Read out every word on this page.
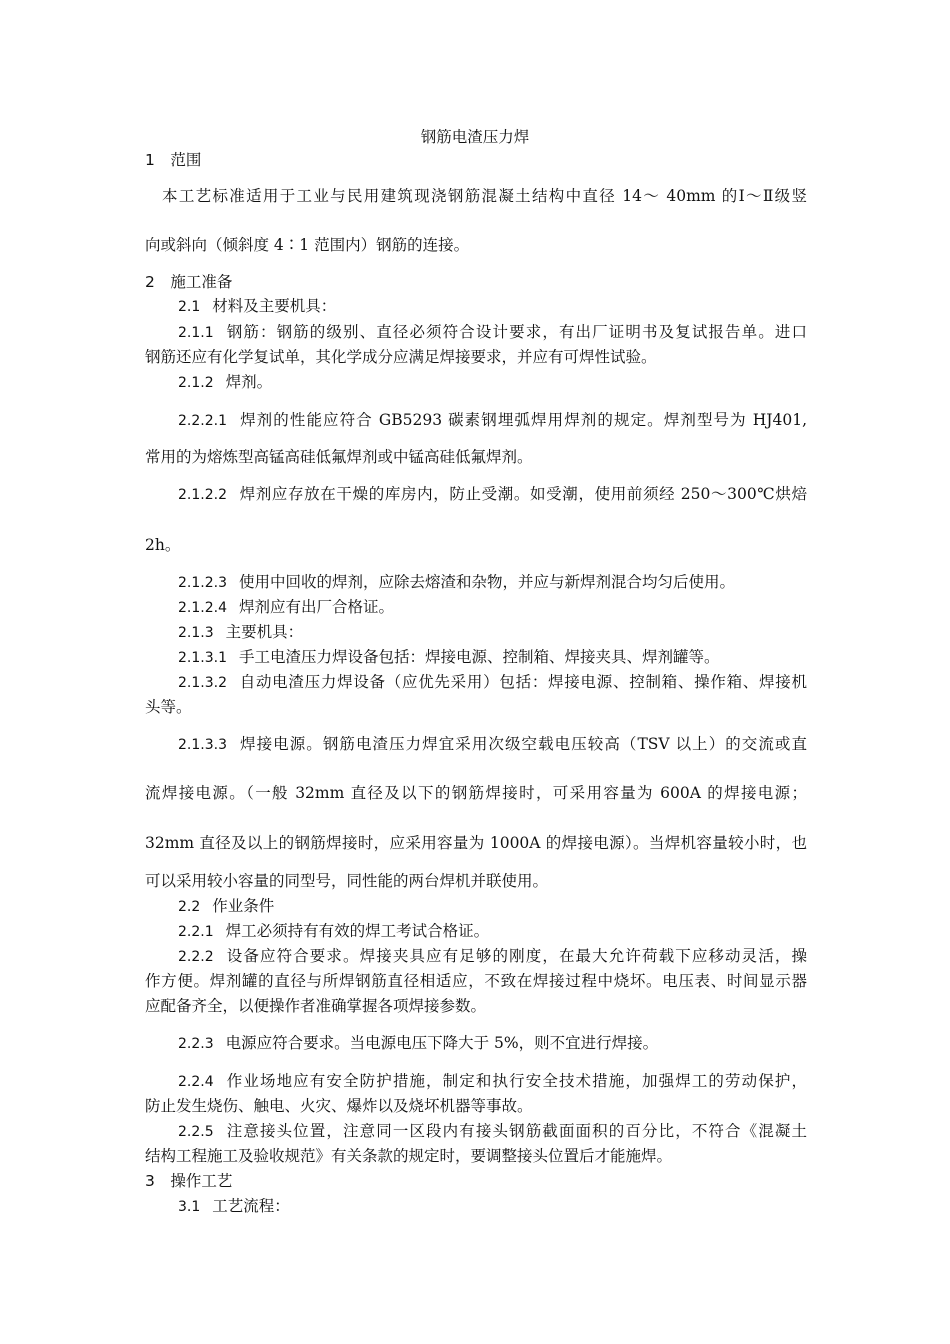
钢筋电渣压力焊
1　范围
本工艺标准适用于工业与民用建筑现浇钢筋混凝土结构中直径 14～ 40mm 的Ⅰ～Ⅱ级竖
向或斜向（倾斜度 4∶1 范围内）钢筋的连接。
2　施工准备
2.1 材料及主要机具：
2.1.1 钢筋：钢筋的级别、直径必须符合设计要求，有出厂证明书及复试报告单。进口
钢筋还应有化学复试单，其化学成分应满足焊接要求，并应有可焊性试验。
2.1.2 焊剂。
2.2.2.1 焊剂的性能应符合 GB5293 碳素钢埋弧焊用焊剂的规定。焊剂型号为 HJ401,
常用的为熔炼型高锰高硅低氟焊剂或中锰高硅低氟焊剂。
2.1.2.2 焊剂应存放在干燥的库房内，防止受潮。如受潮，使用前须经 250～300℃烘焙
2h。
2.1.2.3 使用中回收的焊剂，应除去熔渣和杂物，并应与新焊剂混合均匀后使用。
2.1.2.4 焊剂应有出厂合格证。
2.1.3 主要机具：
2.1.3.1 手工电渣压力焊设备包括：焊接电源、控制箱、焊接夹具、焊剂罐等。
2.1.3.2 自动电渣压力焊设备（应优先采用）包括：焊接电源、控制箱、操作箱、焊接机
头等。
2.1.3.3 焊接电源。钢筋电渣压力焊宜采用次级空载电压较高（TSV 以上）的交流或直
流焊接电源。（一般 32mm 直径及以下的钢筋焊接时，可采用容量为 600A 的焊接电源；
32mm 直径及以上的钢筋焊接时，应采用容量为 1000A 的焊接电源）。当焊机容量较小时，也
可以采用较小容量的同型号，同性能的两台焊机并联使用。
2.2 作业条件
2.2.1 焊工必须持有有效的焊工考试合格证。
2.2.2 设备应符合要求。焊接夹具应有足够的刚度，在最大允许荷载下应移动灵活，操
作方便。焊剂罐的直径与所焊钢筋直径相适应，不致在焊接过程中烧坏。电压表、时间显示器
应配备齐全，以便操作者准确掌握各项焊接参数。
2.2.3 电源应符合要求。当电源电压下降大于 5%，则不宜进行焊接。
2.2.4 作业场地应有安全防护措施，制定和执行安全技术措施，加强焊工的劳动保护，
防止发生烧伤、触电、火灾、爆炸以及烧坏机器等事故。
2.2.5 注意接头位置，注意同一区段内有接头钢筋截面面积的百分比，不符合《混凝土
结构工程施工及验收规范》有关条款的规定时，要调整接头位置后才能施焊。
3　操作工艺
3.1 工艺流程：
